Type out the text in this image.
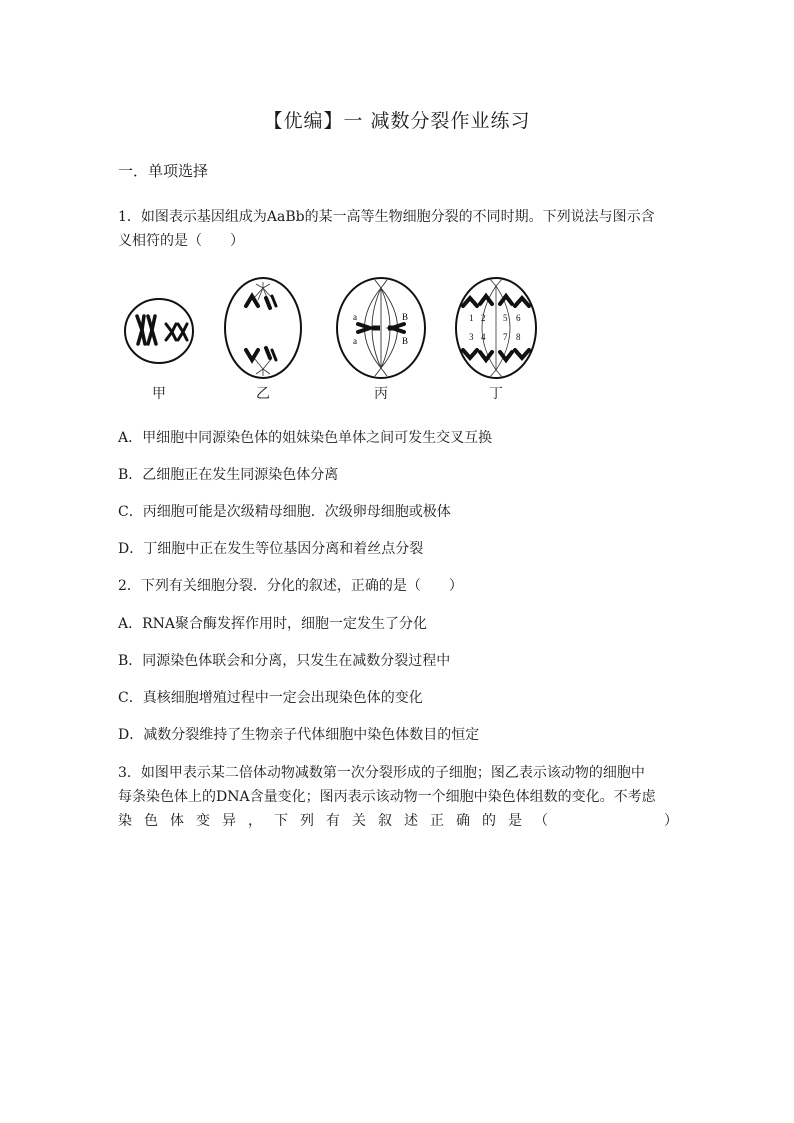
【优编】一 减数分裂作业练习
一．单项选择
1．如图表示基因组成为AaBb的某一高等生物细胞分裂的不同时期。下列说法与图示含
义相符的是（　　）
a
a
B
B
1 2 5 6
3 4 7 8
甲	乙	丙	丁
A．甲细胞中同源染色体的姐妹染色单体之间可发生交叉互换
B．乙细胞正在发生同源染色体分离
C．丙细胞可能是次级精母细胞．次级卵母细胞或极体
D．丁细胞中正在发生等位基因分离和着丝点分裂
2．下列有关细胞分裂．分化的叙述，正确的是（　　）
A．RNA聚合酶发挥作用时，细胞一定发生了分化
B．同源染色体联会和分离，只发生在减数分裂过程中
C．真核细胞增殖过程中一定会出现染色体的变化
D．减数分裂维持了生物亲子代体细胞中染色体数目的恒定
3．如图甲表示某二倍体动物减数第一次分裂形成的子细胞；图乙表示该动物的细胞中
每条染色体上的DNA含量变化；图丙表示该动物一个细胞中染色体组数的变化。不考虑
染色体变异，下列有关叙述正确的是（　　　　）
